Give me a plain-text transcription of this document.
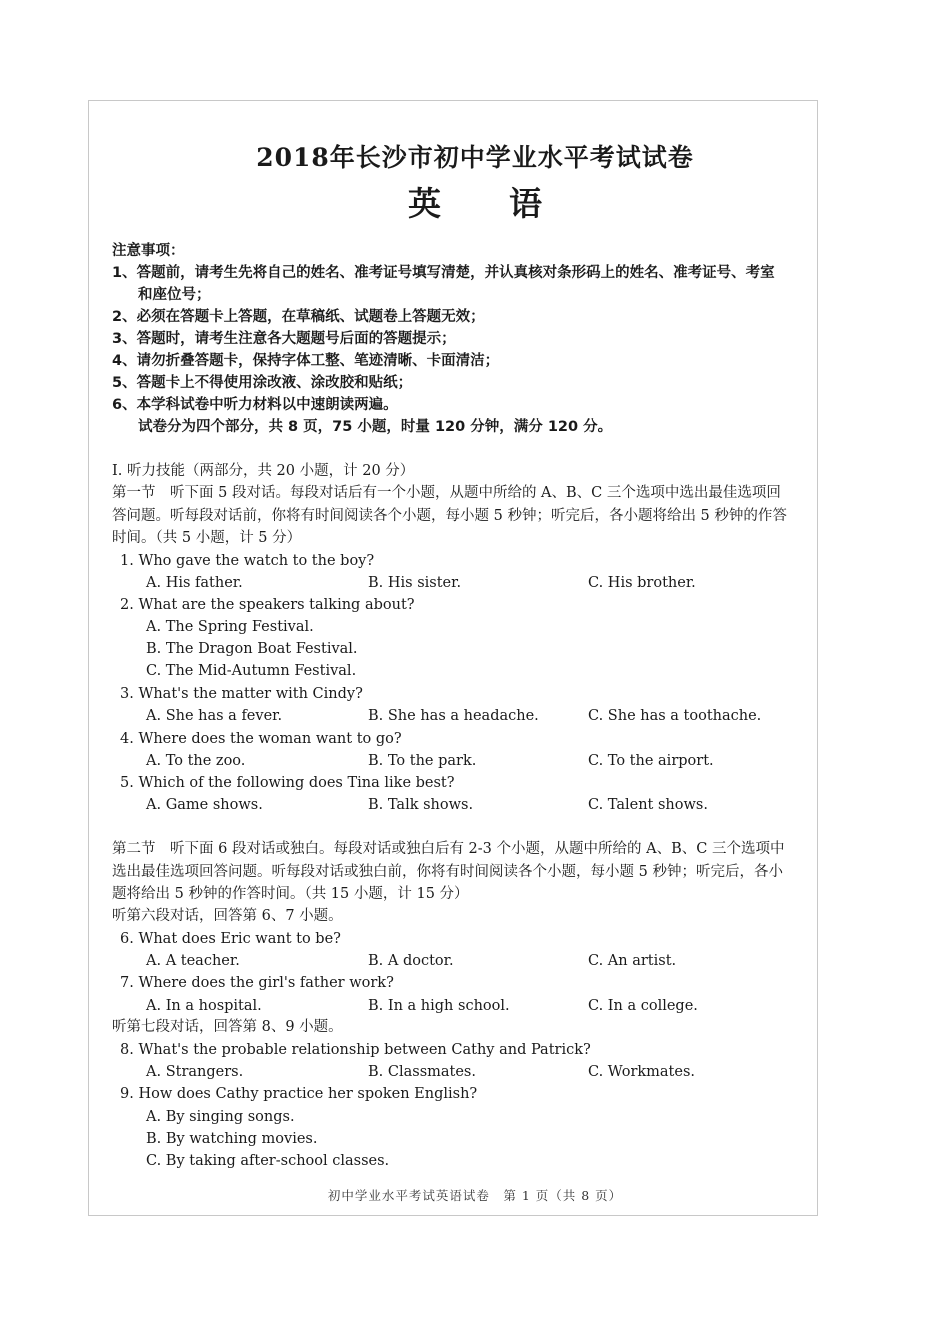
2018年长沙市初中学业水平考试试卷
英 语
注意事项：
1、答题前，请考生先将自己的姓名、准考证号填写清楚，并认真核对条形码上的姓名、准考证号、考室和座位号；
2、必须在答题卡上答题，在草稿纸、试题卷上答题无效；
3、答题时，请考生注意各大题题号后面的答题提示；
4、请勿折叠答题卡，保持字体工整、笔迹清晰、卡面清洁；
5、答题卡上不得使用涂改液、涂改胶和贴纸；
6、本学科试卷中听力材料以中速朗读两遍。
试卷分为四个部分，共 8 页，75 小题，时量 120 分钟，满分 120 分。
I. 听力技能（两部分，共 20 小题，计 20 分）
第一节　听下面 5 段对话。每段对话后有一个小题，从题中所给的 A、B、C 三个选项中选出最佳选项回答问题。听每段对话前，你将有时间阅读各个小题，每小题 5 秒钟；听完后，各小题将给出 5 秒钟的作答时间。（共 5 小题，计 5 分）
1. Who gave the watch to the boy?
A. His father.	B. His sister.	C. His brother.
2. What are the speakers talking about?
A. The Spring Festival.
B. The Dragon Boat Festival.
C. The Mid-Autumn Festival.
3. What's the matter with Cindy?
A. She has a fever.	B. She has a headache.	C. She has a toothache.
4. Where does the woman want to go?
A. To the zoo.	B. To the park.	C. To the airport.
5. Which of the following does Tina like best?
A. Game shows.	B. Talk shows.	C. Talent shows.
第二节　听下面 6 段对话或独白。每段对话或独白后有 2-3 个小题，从题中所给的 A、B、C 三个选项中选出最佳选项回答问题。听每段对话或独白前，你将有时间阅读各个小题，每小题 5 秒钟；听完后，各小题将给出 5 秒钟的作答时间。（共 15 小题，计 15 分）
听第六段对话，回答第 6、7 小题。
6. What does Eric want to be?
A. A teacher.	B. A doctor.	C. An artist.
7. Where does the girl's father work?
A. In a hospital.	B. In a high school.	C. In a college.
听第七段对话，回答第 8、9 小题。
8. What's the probable relationship between Cathy and Patrick?
A. Strangers.	B. Classmates.	C. Workmates.
9. How does Cathy practice her spoken English?
A. By singing songs.
B. By watching movies.
C. By taking after-school classes.
初中学业水平考试英语试卷　第 1 页（共 8 页）
